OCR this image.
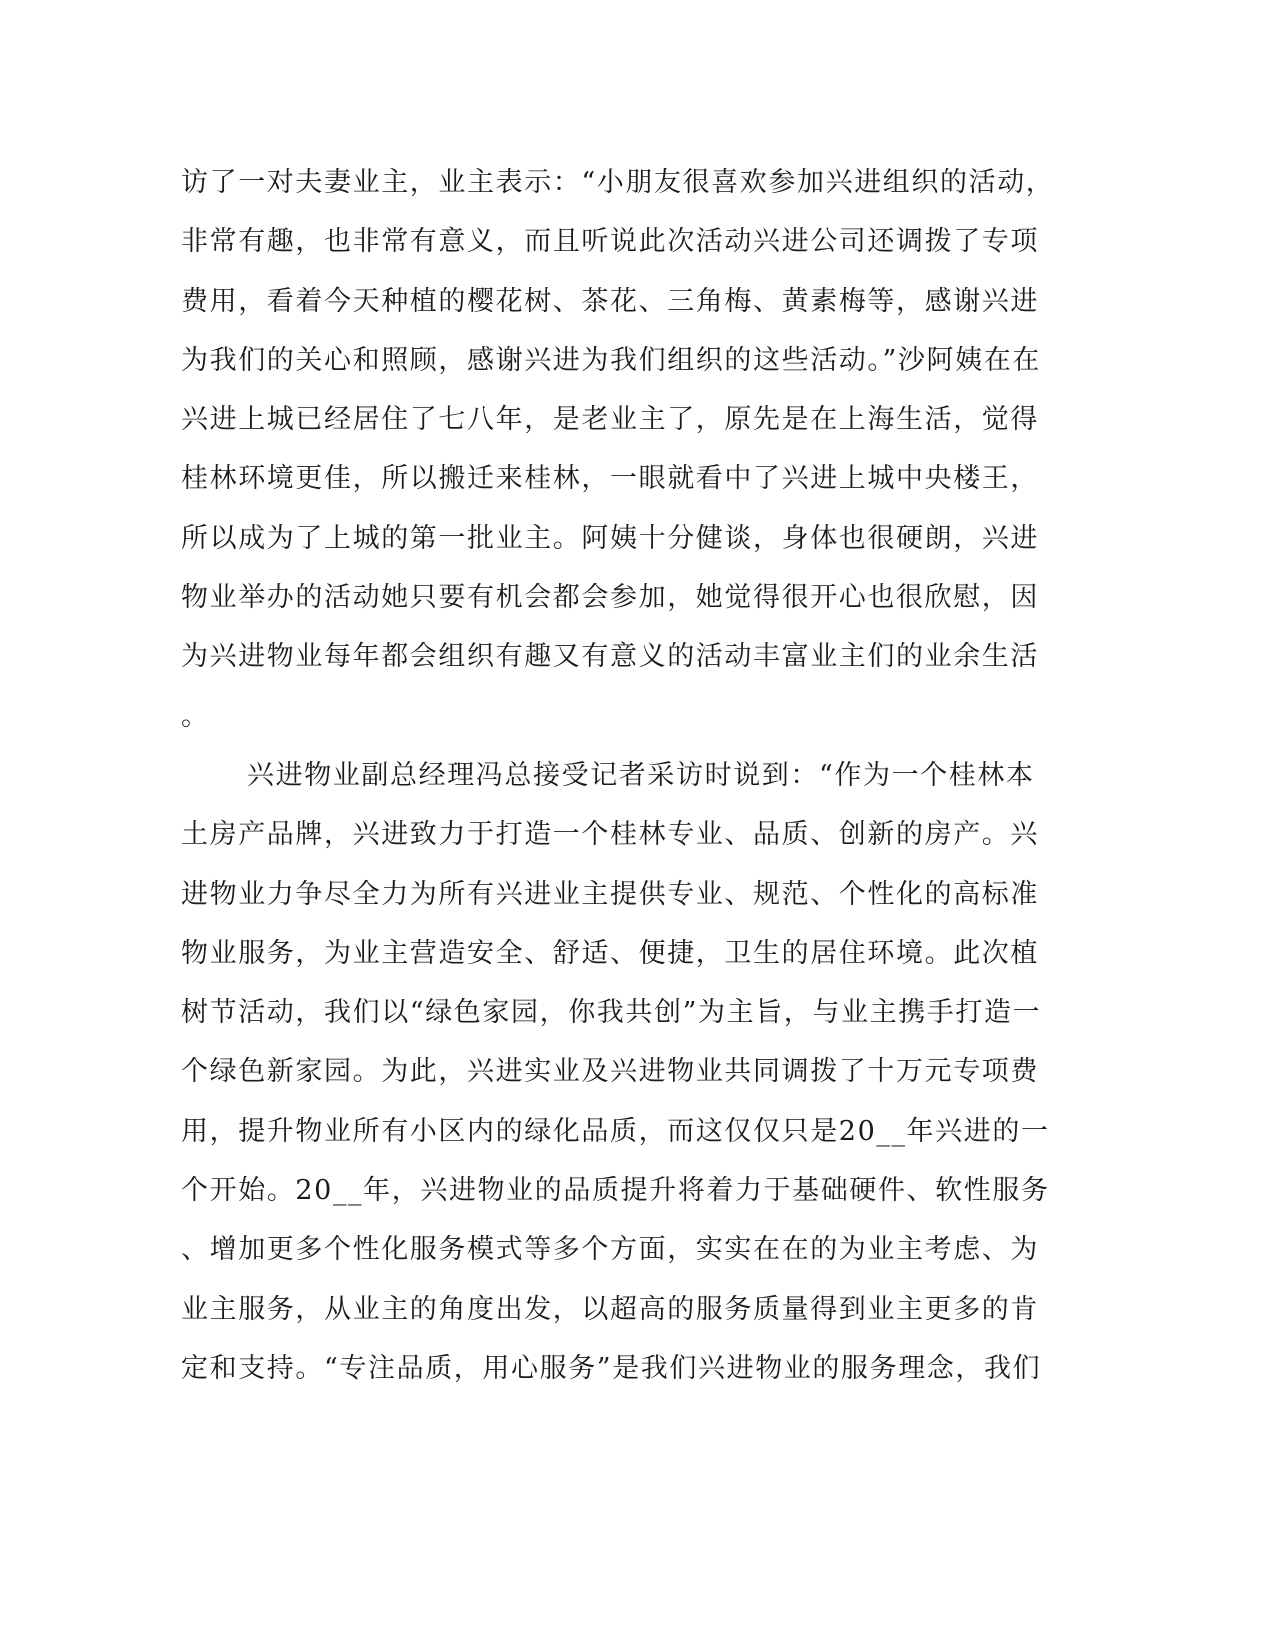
访了一对夫妻业主，业主表示：“小朋友很喜欢参加兴进组织的活动，
非常有趣，也非常有意义，而且听说此次活动兴进公司还调拨了专项
费用，看着今天种植的樱花树、茶花、三角梅、黄素梅等，感谢兴进
为我们的关心和照顾，感谢兴进为我们组织的这些活动。”沙阿姨在在
兴进上城已经居住了七八年，是老业主了，原先是在上海生活，觉得
桂林环境更佳，所以搬迁来桂林，一眼就看中了兴进上城中央楼王，
所以成为了上城的第一批业主。阿姨十分健谈，身体也很硬朗，兴进
物业举办的活动她只要有机会都会参加，她觉得很开心也很欣慰，因
为兴进物业每年都会组织有趣又有意义的活动丰富业主们的业余生活
。
兴进物业副总经理冯总接受记者采访时说到：“作为一个桂林本
土房产品牌，兴进致力于打造一个桂林专业、品质、创新的房产。兴
进物业力争尽全力为所有兴进业主提供专业、规范、个性化的高标准
物业服务，为业主营造安全、舒适、便捷，卫生的居住环境。此次植
树节活动，我们以“绿色家园，你我共创”为主旨，与业主携手打造一
个绿色新家园。为此，兴进实业及兴进物业共同调拨了十万元专项费
用，提升物业所有小区内的绿化品质，而这仅仅只是20__年兴进的一
个开始。20__年，兴进物业的品质提升将着力于基础硬件、软性服务
、增加更多个性化服务模式等多个方面，实实在在的为业主考虑、为
业主服务，从业主的角度出发，以超高的服务质量得到业主更多的肯
定和支持。“专注品质，用心服务”是我们兴进物业的服务理念，我们
